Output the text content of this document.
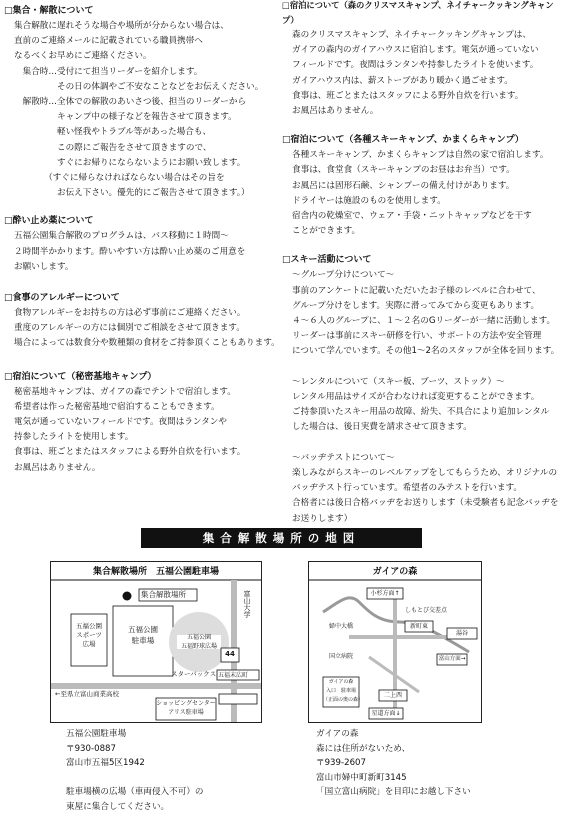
□集合・解散について
集合解散に遅れそうな場合や場所が分からない場合は、
直前のご連絡メールに記載されている職員携帯へ
なるべくお早めにご連絡ください。
　集合時…受付にて担当リーダーを紹介します。
　　　　　その日の体調やご不安なことなどをお伝えください。
　解散時…全体での解散のあいさつ後、担当のリーダーから
　　　　　キャンプ中の様子などを報告させて頂きます。
　　　　　軽い怪我やトラブル等があった場合も、
　　　　　この際にご報告をさせて頂きますので、
　　　　　すぐにお帰りにならないようにお願い致します。
　　　　（すぐに帰らなければならない場合はその旨を
　　　　　お伝え下さい。優先的にご報告させて頂きます。）
□酔い止め薬について
五福公園集合解散のプログラムは、バス移動に１時間〜
２時間半かかります。酔いやすい方は酔い止め薬のご用意を
お願いします。
□食事のアレルギーについて
食物アレルギーをお持ちの方は必ず事前にご連絡ください。
重度のアレルギーの方には個別でご相談をさせて頂きます。
場合によっては数食分や数種類の食材をご持参頂くこともあります。
□宿泊について（秘密基地キャンプ）
秘密基地キャンプは、ガイアの森でテントで宿泊します。
希望者は作った秘密基地で宿泊することもできます。
電気が通っていないフィールドです。夜間はランタンや
持参したライトを使用します。
食事は、班ごとまたはスタッフによる野外自炊を行います。
お風呂はありません。
□宿泊について（森のクリスマスキャンプ、ネイチャークッキングキャンプ）
森のクリスマスキャンプ、ネイチャークッキングキャンプは、
ガイアの森内のガイアハウスに宿泊します。電気が通っていない
フィールドです。夜間はランタンや持参したライトを使います。
ガイアハウス内は、薪ストーブがあり暖かく過ごせます。
食事は、班ごとまたはスタッフによる野外自炊を行います。
お風呂はありません。
□宿泊について（各種スキーキャンプ、かまくらキャンプ）
各種スキーキャンプ、かまくらキャンプは自然の家で宿泊します。
食事は、食堂食（スキーキャンプのお昼はお弁当）です。
お風呂には固形石鹸、シャンプーの備え付けがあります。
ドライヤーは施設のものを使用します。
宿舎内の乾燥室で、ウェア・手袋・ニットキャップなどを干す
ことができます。
□スキー活動について
〜グループ分けについて〜
事前のアンケートに記載いただいたお子様のレベルに合わせて、
グループ分けをします。実際に滑ってみてから変更もあります。
４〜６人のグループに、１〜２名のGリーダーが一緒に活動します。
リーダーは事前にスキー研修を行い、サポートの方法や安全管理
について学んでいます。その他1〜2名のスタッフが全体を回ります。

〜レンタルについて（スキー板、ブーツ、ストック）〜
レンタル用品はサイズが合わなければ変更することができます。
ご持参頂いたスキー用品の故障、紛失、不具合により追加レンタル
した場合は、後日実費を請求させて頂きます。

〜バッヂテストについて〜
楽しみながらスキーのレベルアップをしてもらうため、オリジナルの
バッヂテスト行っています。希望者のみテストを行います。
合格者には後日合格バッヂをお送りします（未受験者も記念バッヂを
お送りします）
集合解散場所の地図
集合解散場所　五福公園駐車場
集合解散場所
五福公園
スポーツ
広場
五福公園
駐車場	五福公園
五福野球広場
富山大学
44
五福末広町
スターバックス
←至県立富山商業高校
ショッピングセンター
アリス駐車場
ガイアの森
小杉方面↑
しもとび交差点
新町東
湯谷
富山方面→
婦中大橋
国立病院
ガイアの森
入口　駐車場
（正面の奥の森）
二上西
星道方面↓
五福公園駐車場
〒930-0887
富山市五福5区1942

駐車場横の広場（車両侵入不可）の
東屋に集合してください。
ガイアの森
森には住所がないため、
〒939-2607
富山市婦中町新町3145
「国立富山病院」を目印にお越し下さい
